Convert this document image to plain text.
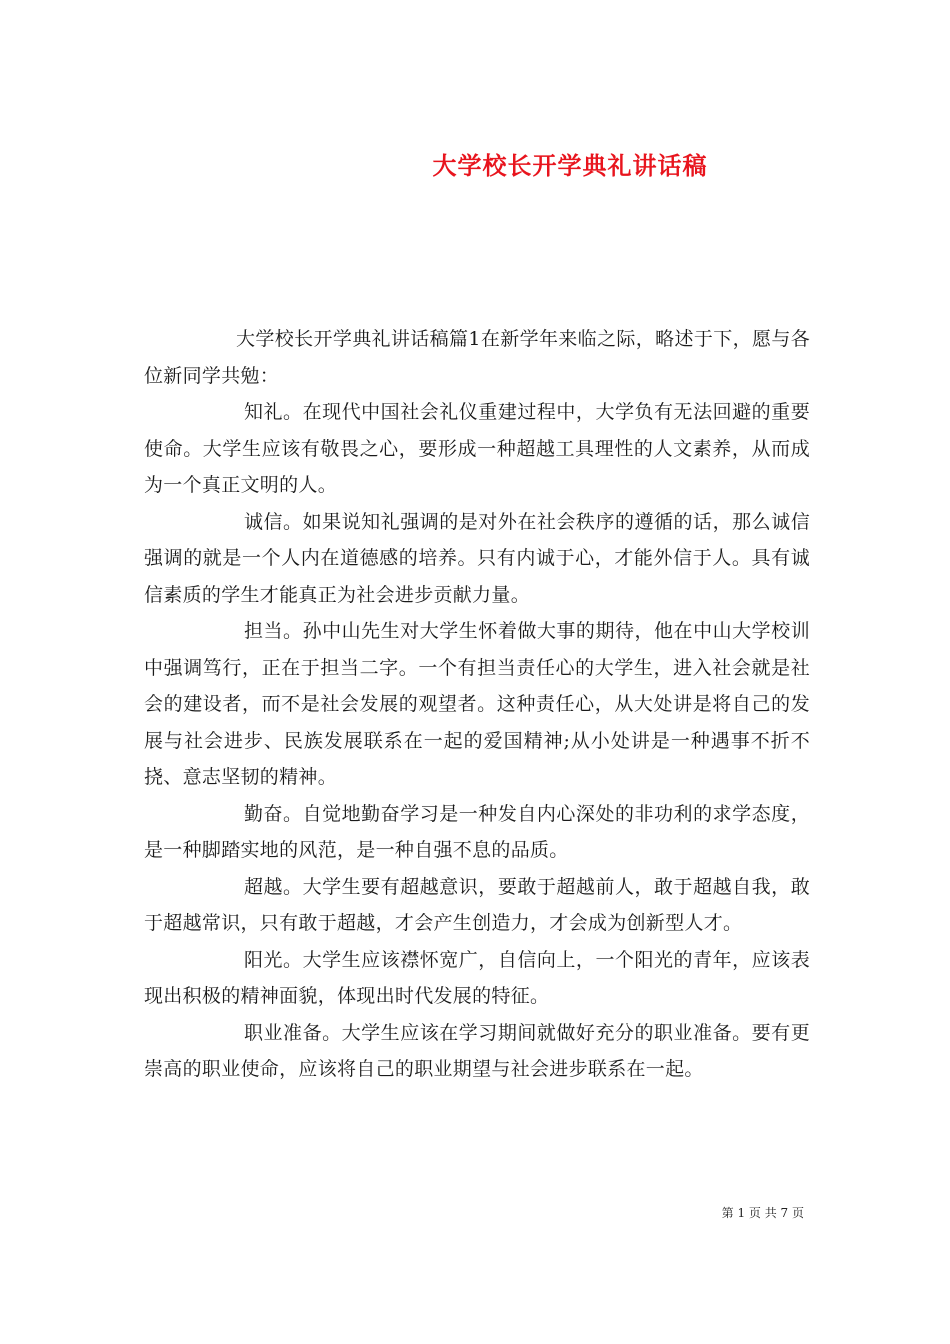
大学校长开学典礼讲话稿

大学校长开学典礼讲话稿篇1在新学年来临之际，略述于下，愿与各位新同学共勉：

知礼。在现代中国社会礼仪重建过程中，大学负有无法回避的重要使命。大学生应该有敬畏之心，要形成一种超越工具理性的人文素养，从而成为一个真正文明的人。

诚信。如果说知礼强调的是对外在社会秩序的遵循的话，那么诚信强调的就是一个人内在道德感的培养。只有内诚于心，才能外信于人。具有诚信素质的学生才能真正为社会进步贡献力量。

担当。孙中山先生对大学生怀着做大事的期待，他在中山大学校训中强调笃行，正在于担当二字。一个有担当责任心的大学生，进入社会就是社会的建设者，而不是社会发展的观望者。这种责任心，从大处讲是将自己的发展与社会进步、民族发展联系在一起的爱国精神;从小处讲是一种遇事不折不挠、意志坚韧的精神。

勤奋。自觉地勤奋学习是一种发自内心深处的非功利的求学态度，是一种脚踏实地的风范，是一种自强不息的品质。

超越。大学生要有超越意识，要敢于超越前人，敢于超越自我，敢于超越常识，只有敢于超越，才会产生创造力，才会成为创新型人才。

阳光。大学生应该襟怀宽广，自信向上，一个阳光的青年，应该表现出积极的精神面貌，体现出时代发展的特征。

职业准备。大学生应该在学习期间就做好充分的职业准备。要有更崇高的职业使命，应该将自己的职业期望与社会进步联系在一起。

第 1 页 共 7 页
